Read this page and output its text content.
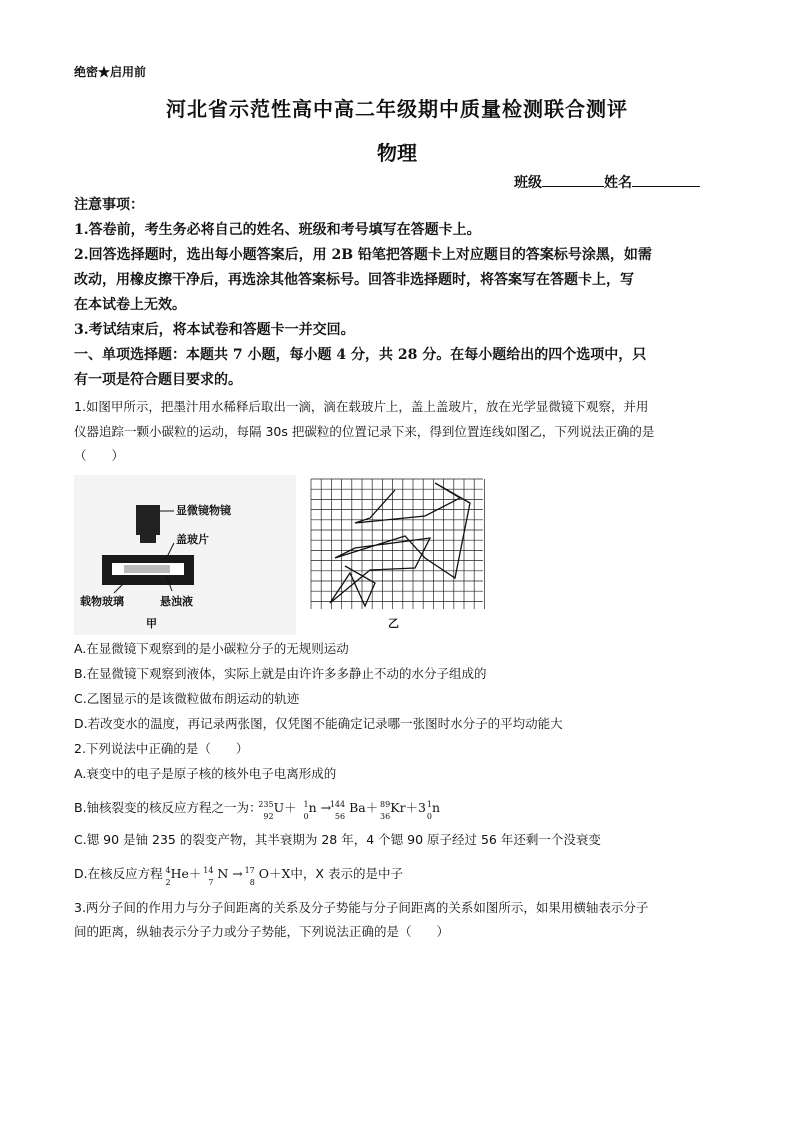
绝密★启用前
河北省示范性高中高二年级期中质量检测联合测评
物理
班级	姓名
注意事项：
1.答卷前，考生务必将自己的姓名、班级和考号填写在答题卡上。
2.回答选择题时，选出每小题答案后，用 2B 铅笔把答题卡上对应题目的答案标号涂黑，如需
改动，用橡皮擦干净后，再选涂其他答案标号。回答非选择题时，将答案写在答题卡上，写
在本试卷上无效。
3.考试结束后，将本试卷和答题卡一并交回。
一、单项选择题：本题共 7 小题，每小题 4 分，共 28 分。在每小题给出的四个选项中，只
有一项是符合题目要求的。
1.如图甲所示，把墨汁用水稀释后取出一滴，滴在载玻片上，盖上盖玻片，放在光学显微镜下观察，并用
仪器追踪一颗小碳粒的运动，每隔 30s 把碳粒的位置记录下来，得到位置连线如图乙，下列说法正确的是
（　　）
显微镜物镜
盖玻片
载物玻璃	悬浊液
甲	乙
A.在显微镜下观察到的是小碳粒分子的无规则运动
B.在显微镜下观察到液体，实际上就是由许许多多静止不动的水分子组成的
C.乙图显示的是该微粒做布朗运动的轨迹
D.若改变水的温度，再记录两张图，仅凭图不能确定记录哪一张图时水分子的平均动能大
2.下列说法中正确的是（　　）
A.衰变中的电子是原子核的核外电子电离形成的
B.铀核裂变的核反应方程之一为：
235
92
U＋ 1
0
n →
144
56
Ba＋ 89
36
Kr＋3 1
0
n
C.锶 90 是铀 235 的裂变产物，其半衰期为 28 年，4 个锶 90 原子经过 56 年还剩一个没衰变
D.在核反应方程 4
2
He＋ 14
7
N → 17
8
O＋X中，X 表示的是中子
3.两分子间的作用力与分子间距离的关系及分子势能与分子间距离的关系如图所示，如果用横轴表示分子
间的距离，纵轴表示分子力或分子势能，下列说法正确的是（　　）
